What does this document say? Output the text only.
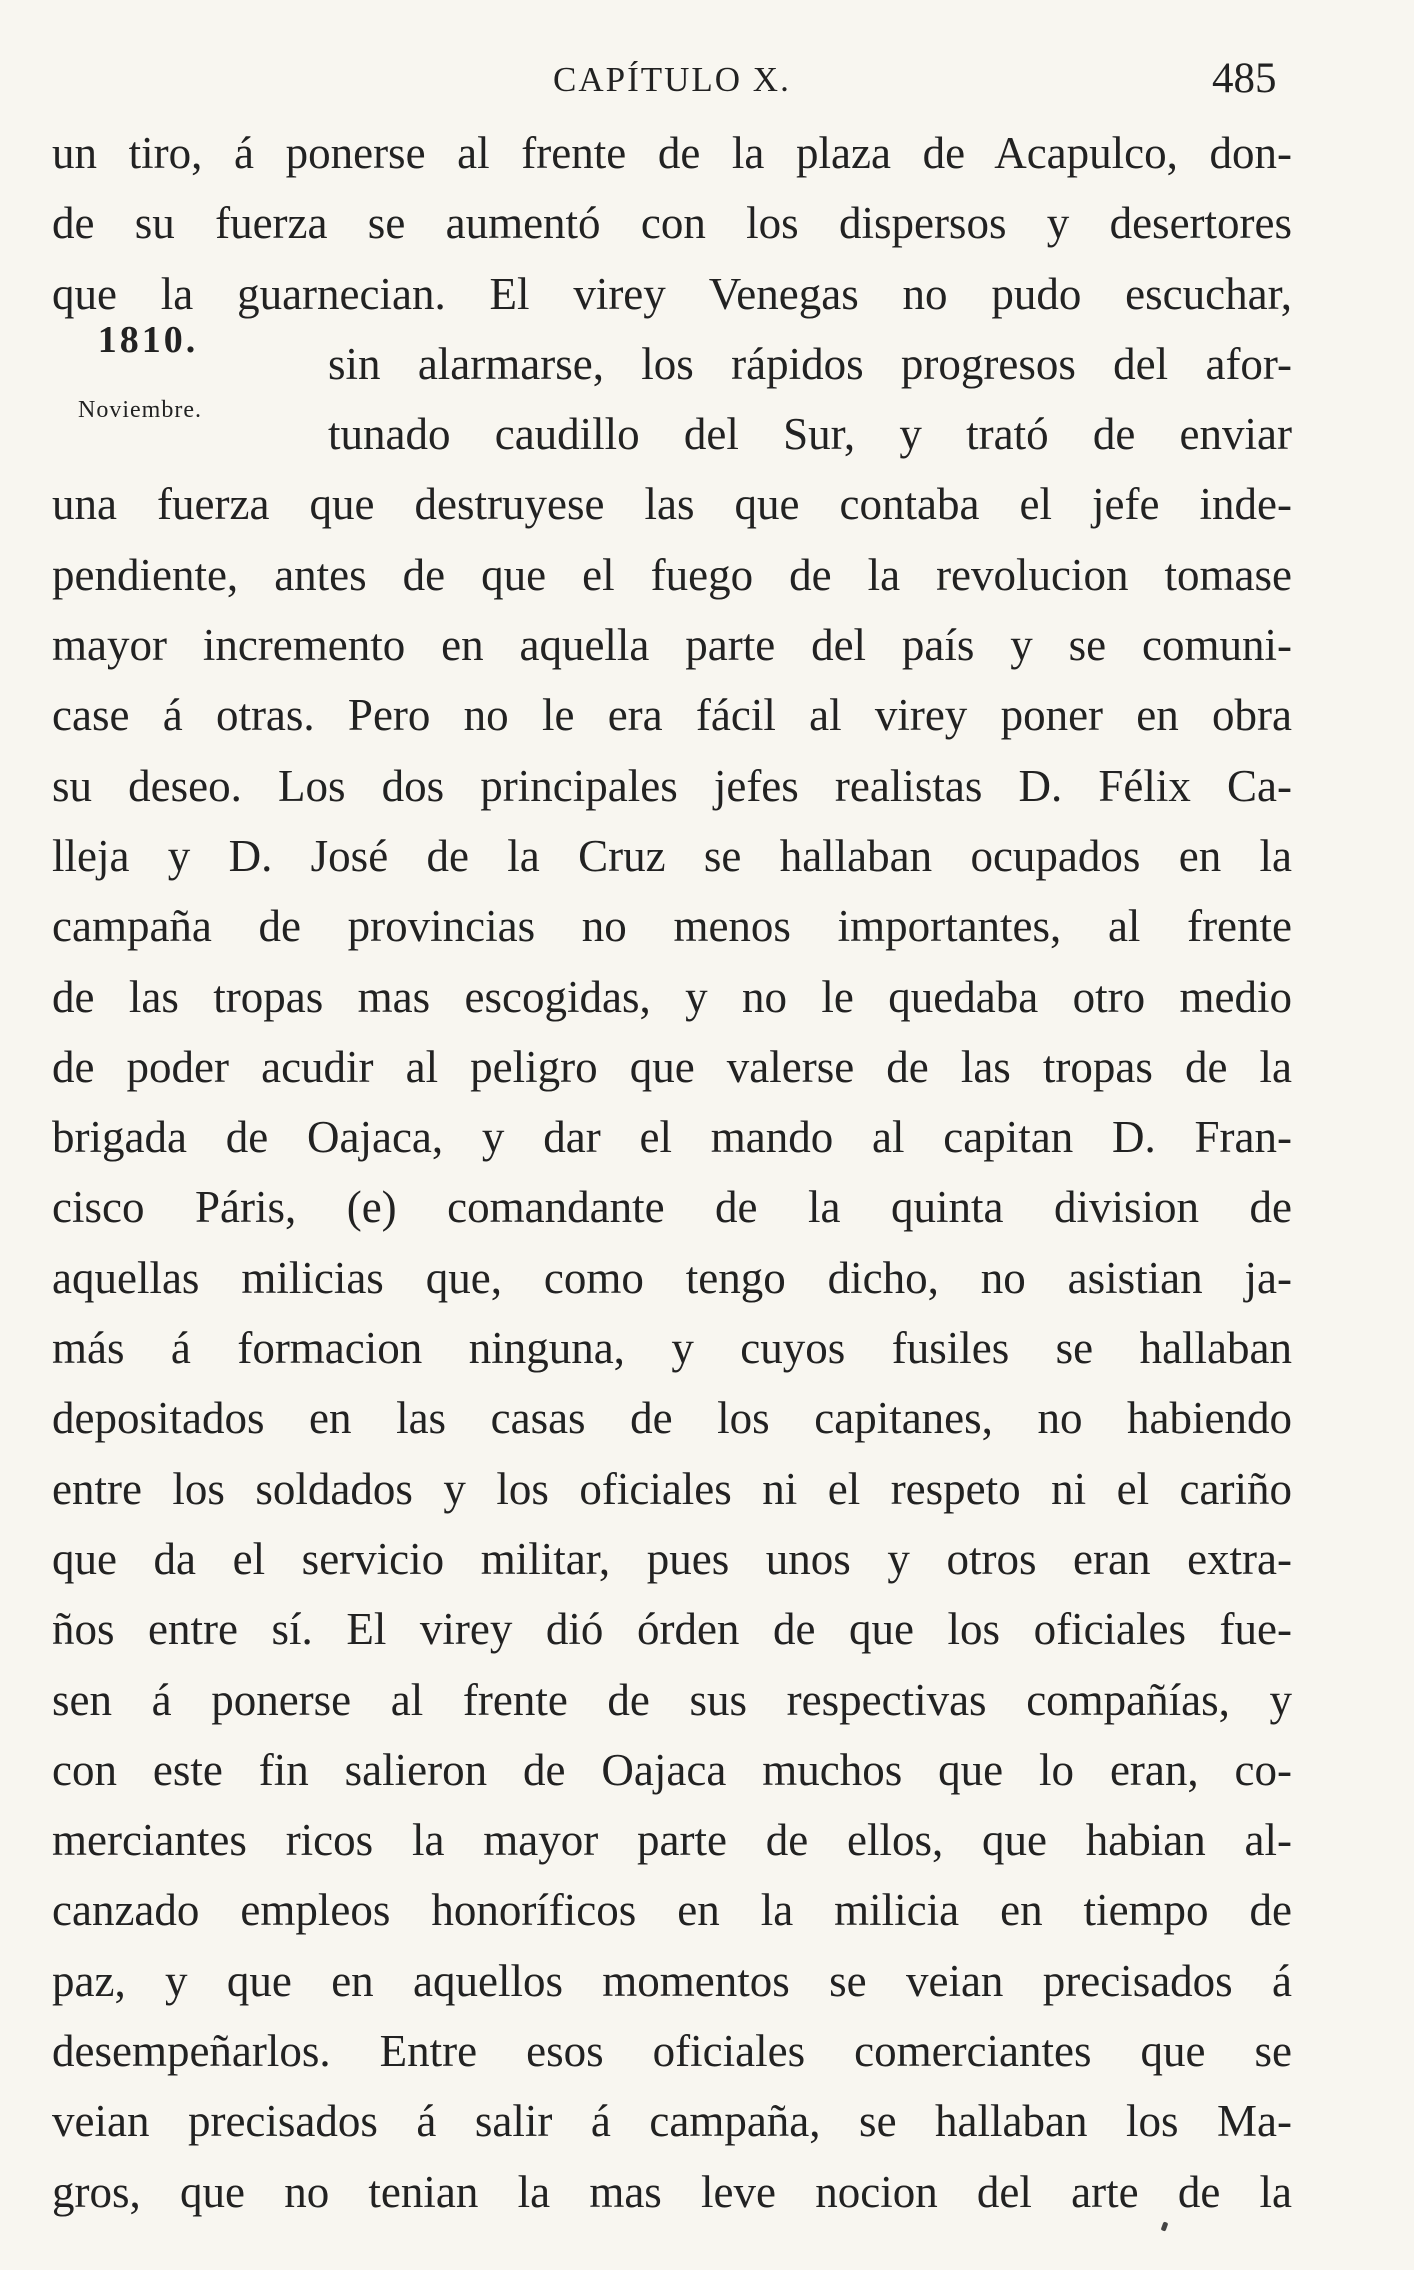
CAPÍTULO X.	485
1810.
Noviembre.
un tiro, á ponerse al frente de la plaza de Acapulco, don-
de su fuerza se aumentó con los dispersos y desertores
que la guarnecian. El virey Venegas no pudo escuchar,
sin alarmarse, los rápidos progresos del afor-
tunado caudillo del Sur, y trató de enviar
una fuerza que destruyese las que contaba el jefe inde-
pendiente, antes de que el fuego de la revolucion tomase
mayor incremento en aquella parte del país y se comuni-
case á otras. Pero no le era fácil al virey poner en obra
su deseo. Los dos principales jefes realistas D. Félix Ca-
lleja y D. José de la Cruz se hallaban ocupados en la
campaña de provincias no menos importantes, al frente
de las tropas mas escogidas, y no le quedaba otro medio
de poder acudir al peligro que valerse de las tropas de la
brigada de Oajaca, y dar el mando al capitan D. Fran-
cisco Páris, (e) comandante de la quinta division de
aquellas milicias que, como tengo dicho, no asistian ja-
más á formacion ninguna, y cuyos fusiles se hallaban
depositados en las casas de los capitanes, no habiendo
entre los soldados y los oficiales ni el respeto ni el cariño
que da el servicio militar, pues unos y otros eran extra-
ños entre sí. El virey dió órden de que los oficiales fue-
sen á ponerse al frente de sus respectivas compañías, y
con este fin salieron de Oajaca muchos que lo eran, co-
merciantes ricos la mayor parte de ellos, que habian al-
canzado empleos honoríficos en la milicia en tiempo de
paz, y que en aquellos momentos se veian precisados á
desempeñarlos. Entre esos oficiales comerciantes que se
veian precisados á salir á campaña, se hallaban los Ma-
gros, que no tenian la mas leve nocion del arte de la
